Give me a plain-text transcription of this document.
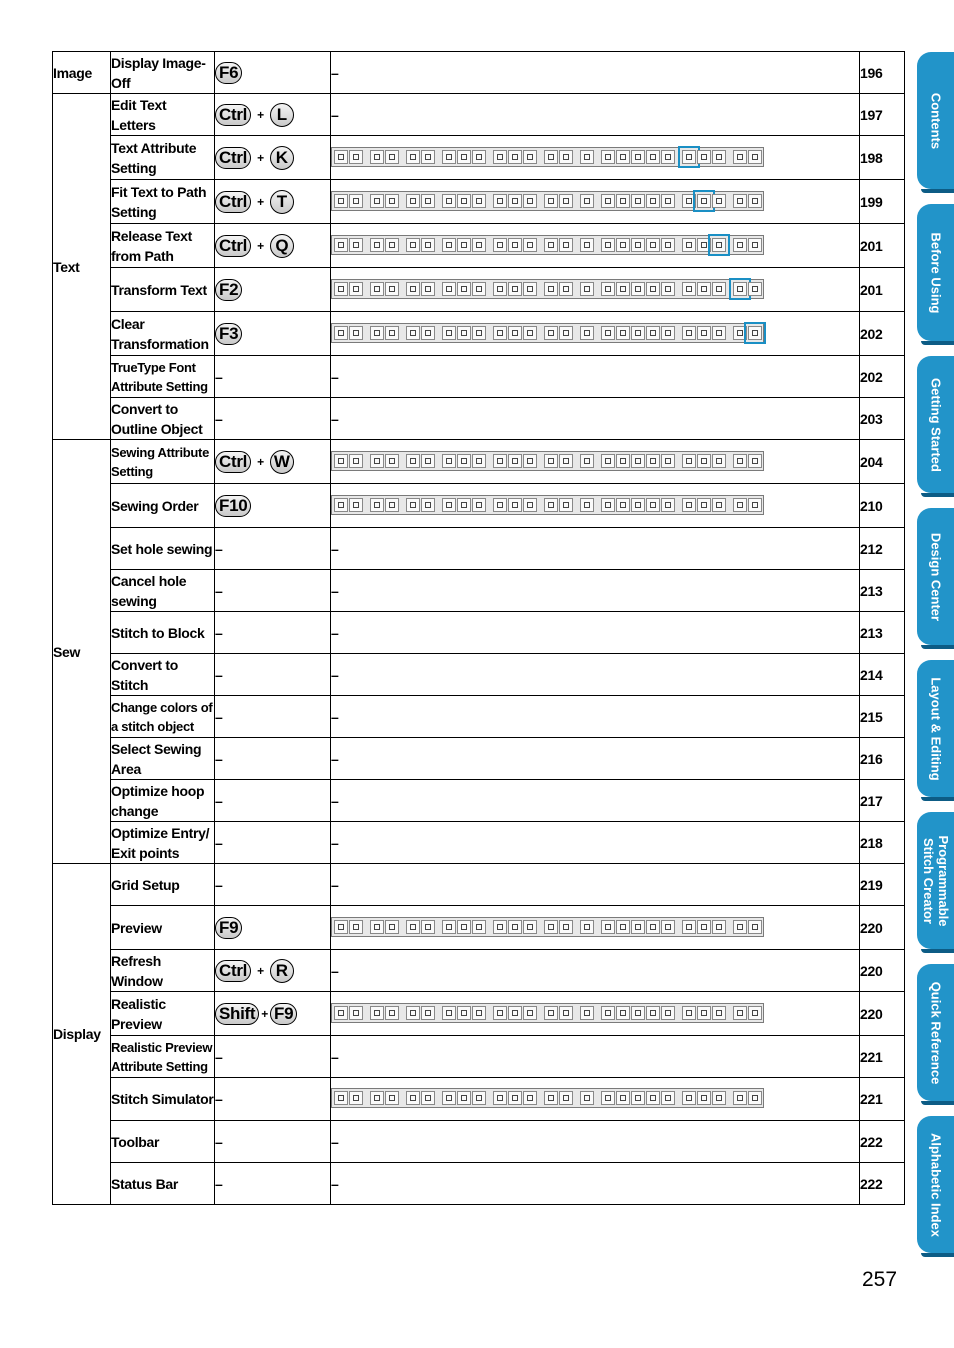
Image	Display Image-Off	F6	–	196
Text	Edit Text Letters	Ctrl + L	–	197
	Text Attribute Setting	Ctrl + K		198
	Fit Text to Path Setting	Ctrl + T		199
	Release Text from Path	Ctrl + Q		201
	Transform Text	F2		201
	Clear Transformation	F3		202
	TrueType Font Attribute Setting	–	–	202
	Convert to Outline Object	–	–	203
Sew	Sewing Attribute Setting	Ctrl + W		204
	Sewing Order	F10		210
	Set hole sewing	–	–	212
	Cancel hole sewing	–	–	213
	Stitch to Block	–	–	213
	Convert to Stitch	–	–	214
	Change colors of a stitch object	–	–	215
	Select Sewing Area	–	–	216
	Optimize hoop change	–	–	217
	Optimize Entry/ Exit points	–	–	218
Display	Grid Setup	–	–	219
	Preview	F9		220
	Refresh Window	Ctrl + R	–	220
	Realistic Preview	Shift + F9		220
	Realistic Preview Attribute Setting	–	–	221
	Stitch Simulator	–		221
	Toolbar	–	–	222
	Status Bar	–	–	222
Contents
Before Using
Getting Started
Design Center
Layout & Editing
Programmable Stitch Creator
Quick Reference
Alphabetic Index
257
